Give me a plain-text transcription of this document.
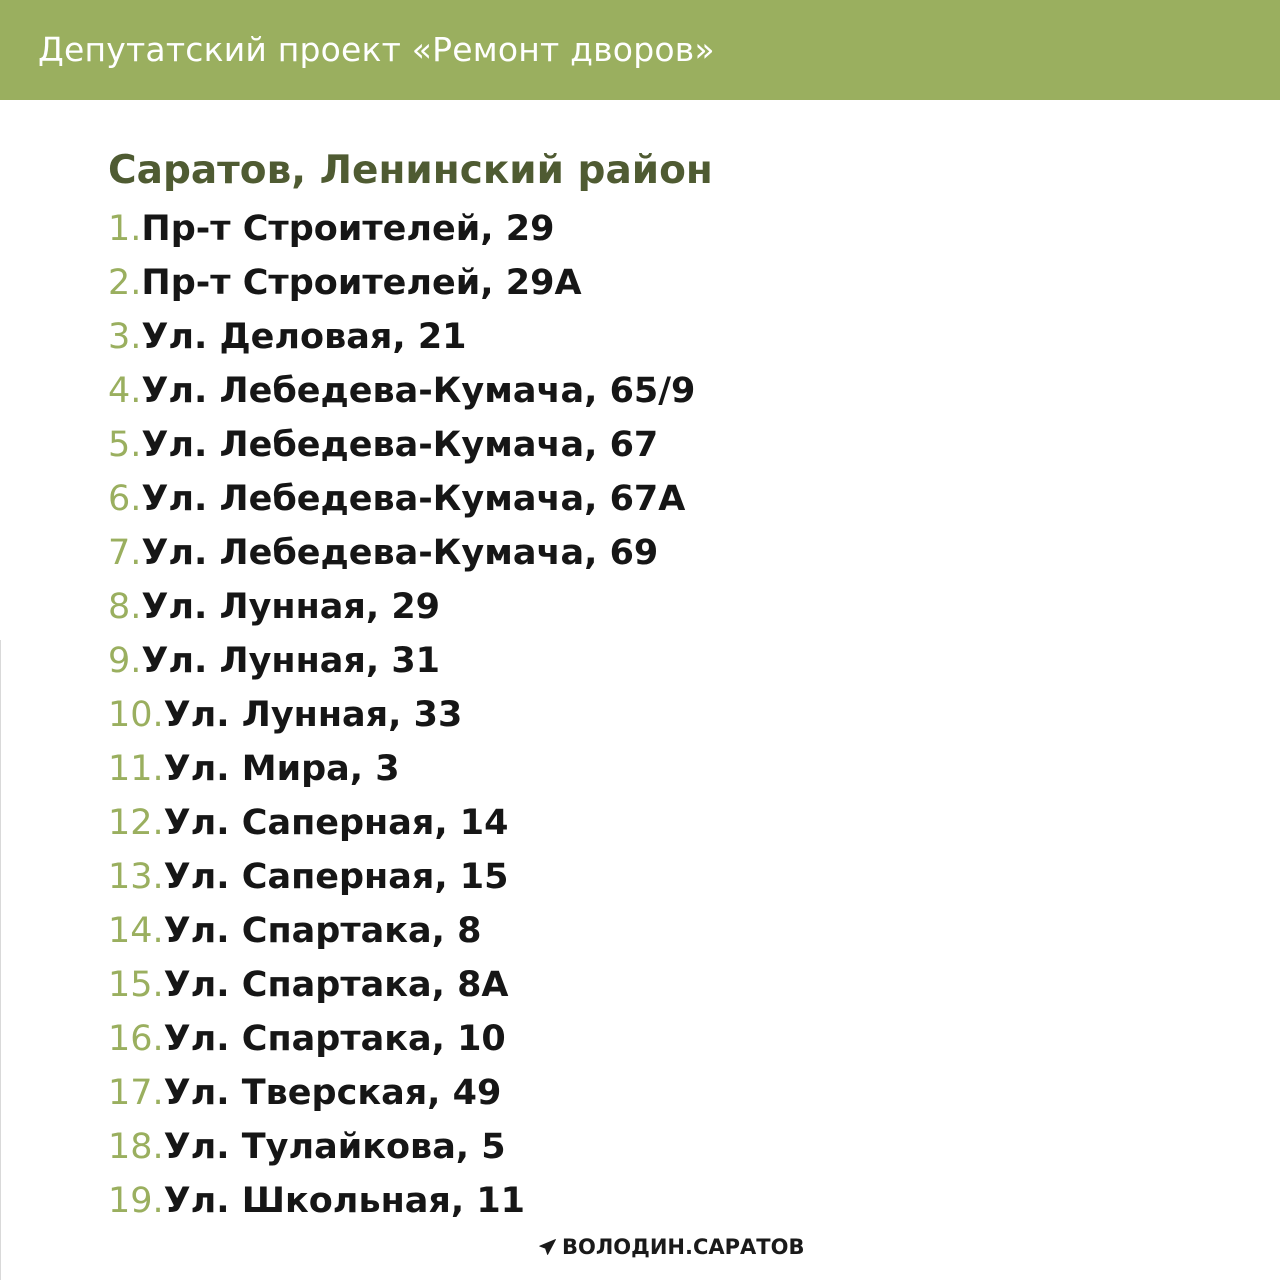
Депутатский проект «Ремонт дворов»
Саратов, Ленинский район
1.Пр-т Строителей, 29
2.Пр-т Строителей, 29А
3.Ул. Деловая, 21
4.Ул. Лебедева-Кумача, 65/9
5.Ул. Лебедева-Кумача, 67
6.Ул. Лебедева-Кумача, 67А
7.Ул. Лебедева-Кумача, 69
8.Ул. Лунная, 29
9.Ул. Лунная, 31
10.Ул. Лунная, 33
11.Ул. Мира, 3
12.Ул. Саперная, 14
13.Ул. Саперная, 15
14.Ул. Спартака, 8
15.Ул. Спартака, 8А
16.Ул. Спартака, 10
17.Ул. Тверская, 49
18.Ул. Тулайкова, 5
19.Ул. Школьная, 11
ВОЛОДИН.САРАТОВ
